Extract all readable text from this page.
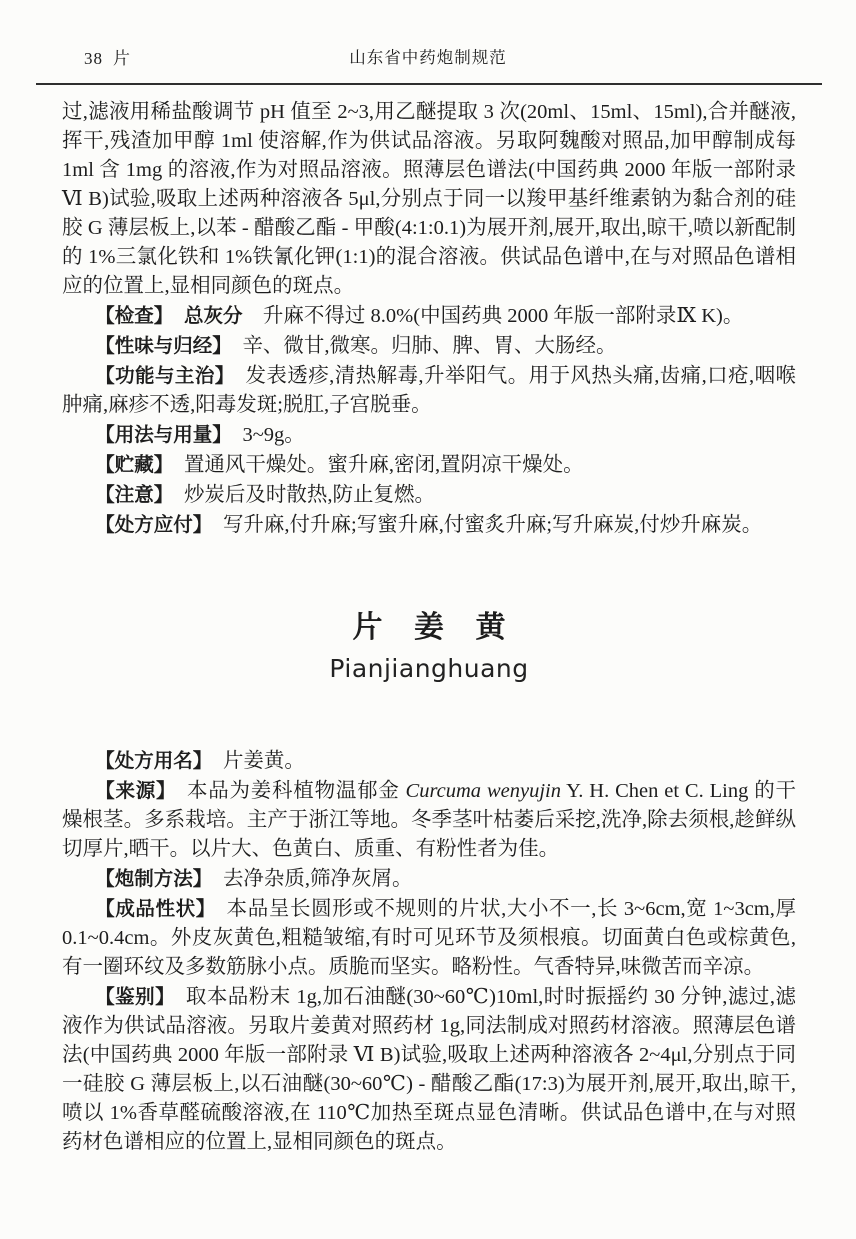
38 片	山东省中药炮制规范

过,滤液用稀盐酸调节 pH 值至 2~3,用乙醚提取 3 次(20ml、15ml、15ml),合并醚液,挥干,残渣加甲醇 1ml 使溶解,作为供试品溶液。另取阿魏酸对照品,加甲醇制成每 1ml 含 1mg 的溶液,作为对照品溶液。照薄层色谱法(中国药典 2000 年版一部附录 Ⅵ B)试验,吸取上述两种溶液各 5μl,分别点于同一以羧甲基纤维素钠为黏合剂的硅胶 G 薄层板上,以苯 - 醋酸乙酯 - 甲酸(4:1:0.1)为展开剂,展开,取出,晾干,喷以新配制的 1%三氯化铁和 1%铁氰化钾(1:1)的混合溶液。供试品色谱中,在与对照品色谱相应的位置上,显相同颜色的斑点。

【检查】 总灰分 升麻不得过 8.0%(中国药典 2000 年版一部附录Ⅸ K)。

【性味与归经】 辛、微甘,微寒。归肺、脾、胃、大肠经。

【功能与主治】 发表透疹,清热解毒,升举阳气。用于风热头痛,齿痛,口疮,咽喉肿痛,麻疹不透,阳毒发斑;脱肛,子宫脱垂。

【用法与用量】 3~9g。

【贮藏】 置通风干燥处。蜜升麻,密闭,置阴凉干燥处。

【注意】 炒炭后及时散热,防止复燃。

【处方应付】 写升麻,付升麻;写蜜升麻,付蜜炙升麻;写升麻炭,付炒升麻炭。

片姜黄
Pianjianghuang

【处方用名】 片姜黄。

【来源】 本品为姜科植物温郁金 Curcuma wenyujin Y. H. Chen et C. Ling 的干燥根茎。多系栽培。主产于浙江等地。冬季茎叶枯萎后采挖,洗净,除去须根,趁鲜纵切厚片,晒干。以片大、色黄白、质重、有粉性者为佳。

【炮制方法】 去净杂质,筛净灰屑。

【成品性状】 本品呈长圆形或不规则的片状,大小不一,长 3~6cm,宽 1~3cm,厚 0.1~0.4cm。外皮灰黄色,粗糙皱缩,有时可见环节及须根痕。切面黄白色或棕黄色,有一圈环纹及多数筋脉小点。质脆而坚实。略粉性。气香特异,味微苦而辛凉。

【鉴别】 取本品粉末 1g,加石油醚(30~60℃)10ml,时时振摇约 30 分钟,滤过,滤液作为供试品溶液。另取片姜黄对照药材 1g,同法制成对照药材溶液。照薄层色谱法(中国药典 2000 年版一部附录 Ⅵ B)试验,吸取上述两种溶液各 2~4μl,分别点于同一硅胶 G 薄层板上,以石油醚(30~60℃) - 醋酸乙酯(17:3)为展开剂,展开,取出,晾干,喷以 1%香草醛硫酸溶液,在 110℃加热至斑点显色清晰。供试品色谱中,在与对照药材色谱相应的位置上,显相同颜色的斑点。
